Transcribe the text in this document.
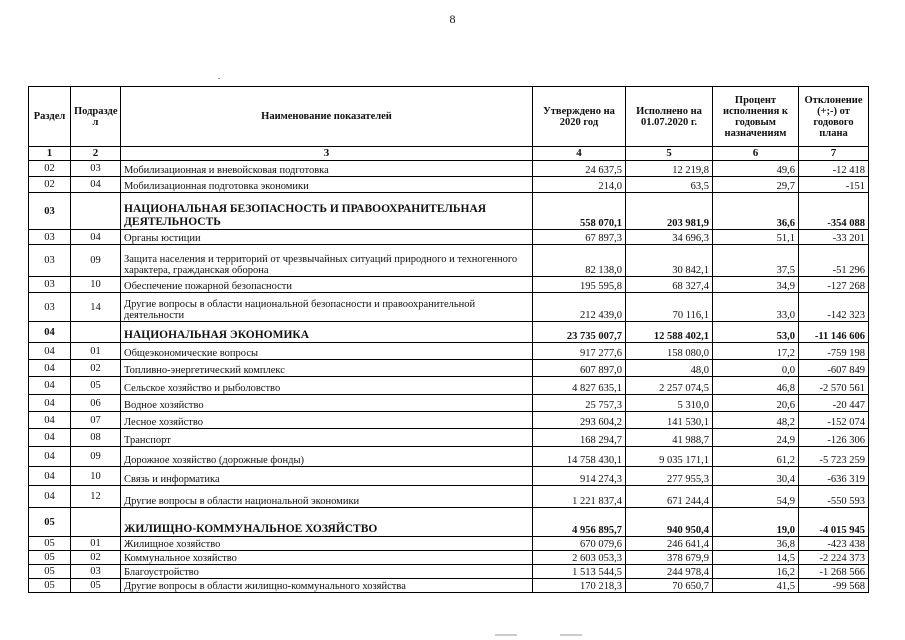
8
Раздел	Подразде л	Наименование показателей	Утверждено на 2020 год	Исполнено на 01.07.2020 г.	Процент исполнения к годовым назначениям	Отклонение (+;-) от годового плана
1	2	3	4	5	6	7
02	03	Мобилизационная и вневойсковая подготовка	24 637,5	12 219,8	49,6	-12 418
02	04	Мобилизационная подготовка экономики	214,0	63,5	29,7	-151
03		НАЦИОНАЛЬНАЯ БЕЗОПАСНОСТЬ И ПРАВООХРАНИТЕЛЬНАЯ ДЕЯТЕЛЬНОСТЬ	558 070,1	203 981,9	36,6	-354 088
03	04	Органы юстиции	67 897,3	34 696,3	51,1	-33 201
03	09	Защита населения и территорий от чрезвычайных ситуаций природного и техногенного характера, гражданская оборона	82 138,0	30 842,1	37,5	-51 296
03	10	Обеспечение пожарной безопасности	195 595,8	68 327,4	34,9	-127 268
03	14	Другие вопросы в области национальной безопасности и правоохранительной деятельности	212 439,0	70 116,1	33,0	-142 323
04		НАЦИОНАЛЬНАЯ ЭКОНОМИКА	23 735 007,7	12 588 402,1	53,0	-11 146 606
04	01	Общеэкономические вопросы	917 277,6	158 080,0	17,2	-759 198
04	02	Топливно-энергетический комплекс	607 897,0	48,0	0,0	-607 849
04	05	Сельское хозяйство и рыболовство	4 827 635,1	2 257 074,5	46,8	-2 570 561
04	06	Водное хозяйство	25 757,3	5 310,0	20,6	-20 447
04	07	Лесное хозяйство	293 604,2	141 530,1	48,2	-152 074
04	08	Транспорт	168 294,7	41 988,7	24,9	-126 306
04	09	Дорожное хозяйство (дорожные фонды)	14 758 430,1	9 035 171,1	61,2	-5 723 259
04	10	Связь и информатика	914 274,3	277 955,3	30,4	-636 319
04	12	Другие вопросы в области национальной экономики	1 221 837,4	671 244,4	54,9	-550 593
05		ЖИЛИЩНО-КОММУНАЛЬНОЕ ХОЗЯЙСТВО	4 956 895,7	940 950,4	19,0	-4 015 945
05	01	Жилищное хозяйство	670 079,6	246 641,4	36,8	-423 438
05	02	Коммунальное хозяйство	2 603 053,3	378 679,9	14,5	-2 224 373
05	03	Благоустройство	1 513 544,5	244 978,4	16,2	-1 268 566
05	05	Другие вопросы в области жилищно-коммунального хозяйства	170 218,3	70 650,7	41,5	-99 568
